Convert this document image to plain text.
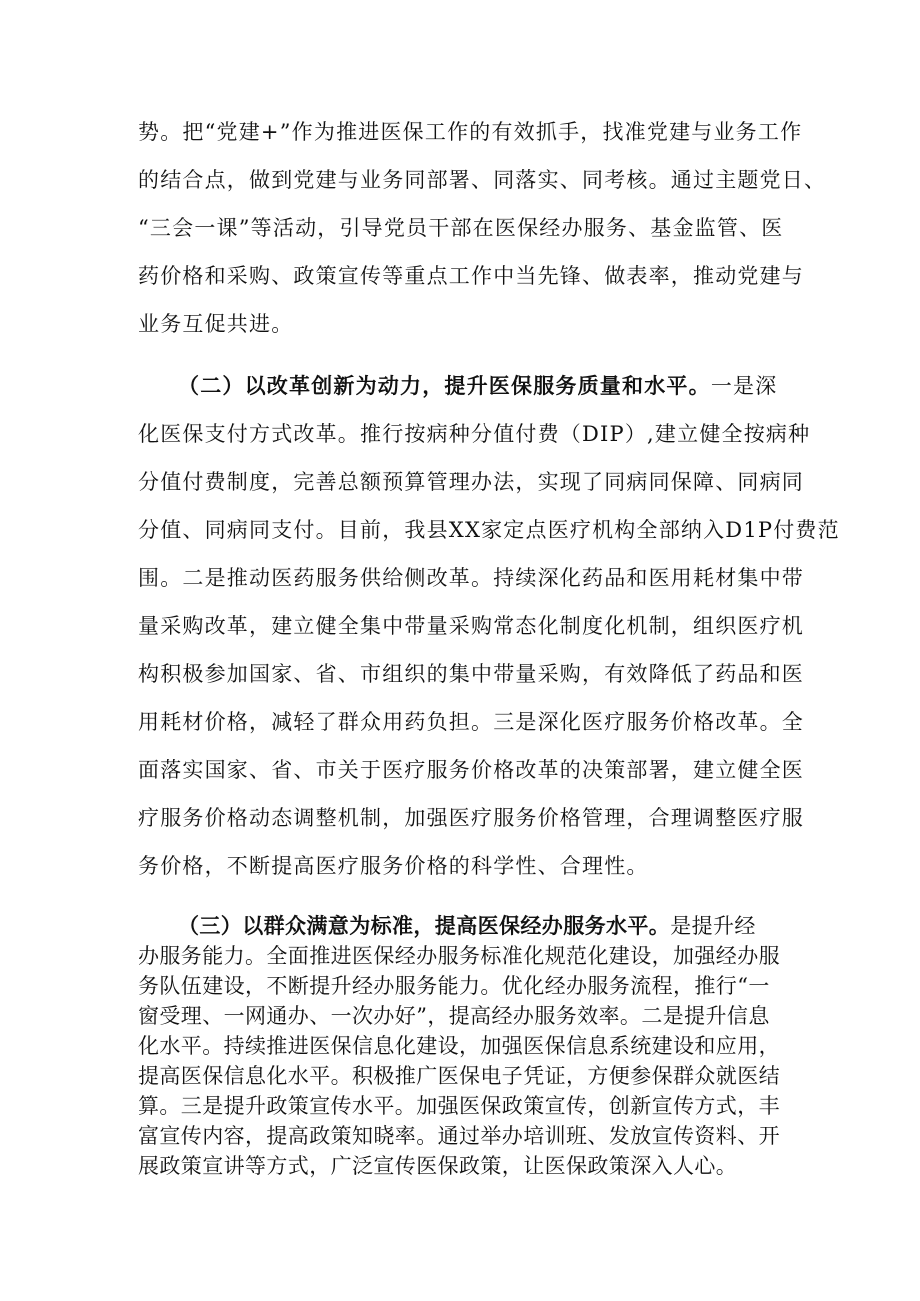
势。把“党建+”作为推进医保工作的有效抓手，找准党建与业务工作
的结合点，做到党建与业务同部署、同落实、同考核。通过主题党日、
“三会一课”等活动，引导党员干部在医保经办服务、基金监管、医
药价格和采购、政策宣传等重点工作中当先锋、做表率，推动党建与
业务互促共进。
（二）以改革创新为动力，提升医保服务质量和水平。一是深
化医保支付方式改革。推行按病种分值付费（DIP）,建立健全按病种
分值付费制度，完善总额预算管理办法，实现了同病同保障、同病同
分值、同病同支付。目前，我县XX家定点医疗机构全部纳入D1P付费范
围。二是推动医药服务供给侧改革。持续深化药品和医用耗材集中带
量采购改革，建立健全集中带量采购常态化制度化机制，组织医疗机
构积极参加国家、省、市组织的集中带量采购，有效降低了药品和医
用耗材价格，减轻了群众用药负担。三是深化医疗服务价格改革。全
面落实国家、省、市关于医疗服务价格改革的决策部署，建立健全医
疗服务价格动态调整机制，加强医疗服务价格管理，合理调整医疗服
务价格，不断提高医疗服务价格的科学性、合理性。
（三）以群众满意为标准，提高医保经办服务水平。是提升经
办服务能力。全面推进医保经办服务标准化规范化建设，加强经办服
务队伍建设，不断提升经办服务能力。优化经办服务流程，推行“一
窗受理、一网通办、一次办好”，提高经办服务效率。二是提升信息
化水平。持续推进医保信息化建设，加强医保信息系统建设和应用，
提高医保信息化水平。积极推广医保电子凭证，方便参保群众就医结
算。三是提升政策宣传水平。加强医保政策宣传，创新宣传方式，丰
富宣传内容，提高政策知晓率。通过举办培训班、发放宣传资料、开
展政策宣讲等方式，广泛宣传医保政策，让医保政策深入人心。
